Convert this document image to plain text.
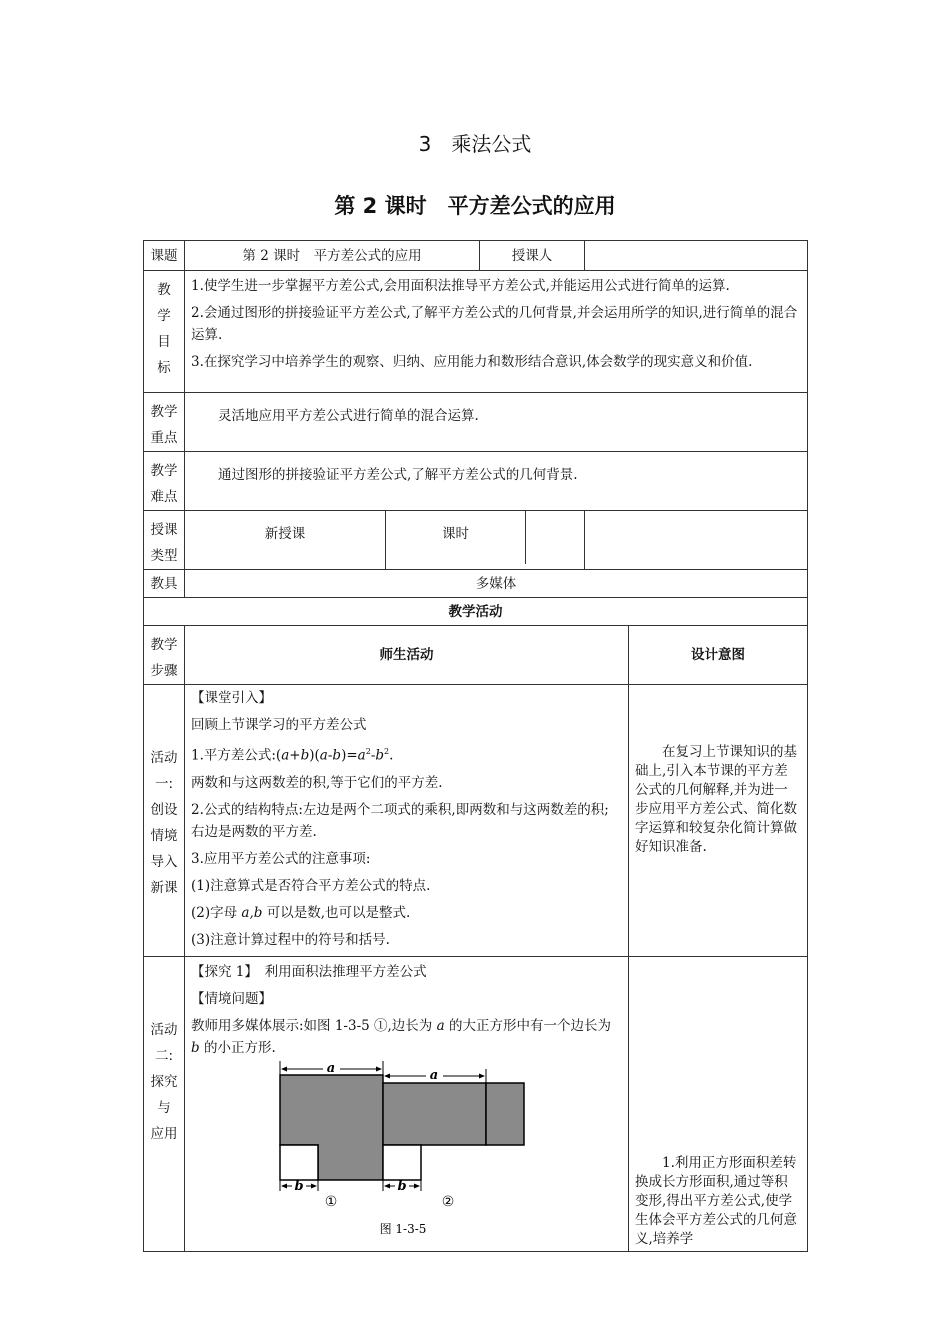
3　乘法公式
第 2 课时　平方差公式的应用
课题	第 2 课时　平方差公式的应用	授课人	

教
学
目
标

1.使学生进一步掌握平方差公式,会用面积法推导平方差公式,并能运用公式进行简单的运算.
2.会通过图形的拼接验证平方差公式,了解平方差公式的几何背景,并会运用所学的知识,进行简单的混合运算.
3.在探究学习中培养学生的观察、归纳、应用能力和数形结合意识,体会数学的现实意义和价值.

教学
重点
	灵活地应用平方差公式进行简单的混合运算.

教学
难点
	通过图形的拼接验证平方差公式,了解平方差公式的几何背景.

授课
类型
	新授课		课时	

教具	多媒体
教学活动

教学
步骤
	师生活动	设计意图

活动
一:
创设
情境
导入
新课

【课堂引入】
回顾上节课学习的平方差公式
1.平方差公式$:(a+b)(a-b)=a^2-b^2$.
两数和与这两数差的积,等于它们的平方差.
2.公式的结构特点:左边是两个二项式的乘积,即两数和与这两数差的积;右边是两数的平方差.
3.应用平方差公式的注意事项:
(1)注意算式是否符合平方差公式的特点.
(2)字母 a,b 可以是数,也可以是整式.
(3)注意计算过程中的符号和括号.
	在复习上节课知识的基础上,引入本节课的平方差公式的几何解释,并为进一步应用平方差公式、简化数字运算和较复杂化简计算做好知识准备.

活动
二:
探究
与
应用

【探究 1】　利用面积法推理平方差公式
【情境问题】
教师用多媒体展示:如图 1-3-5 ①,边长为 a 的大正方形中有一个边长为 b 的小正方形.
a	a
b	b
①	②
图 1-3-5
	1.利用正方形面积差转换成长方形面积,通过等积变形,得出平方差公式,使学生体会平方差公式的几何意义,培养学
